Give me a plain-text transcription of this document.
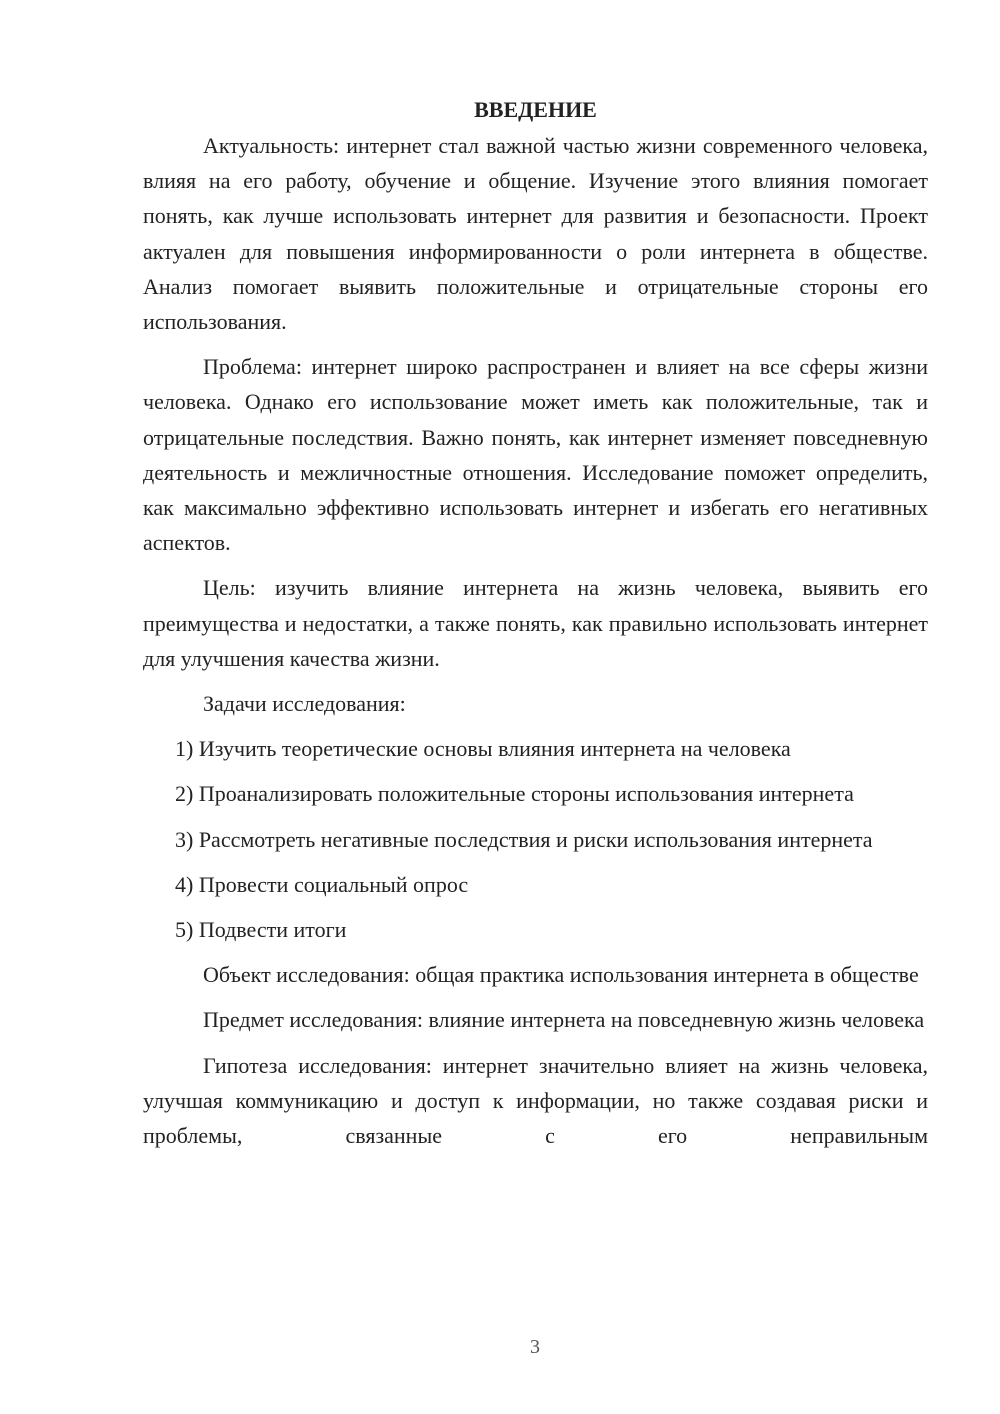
ВВЕДЕНИЕ

Актуальность: интернет стал важной частью жизни современного человека, влияя на его работу, обучение и общение. Изучение этого влияния помогает понять, как лучше использовать интернет для развития и безопасности. Проект актуален для повышения информированности о роли интернета в обществе. Анализ помогает выявить положительные и отрицательные стороны его использования.

Проблема: интернет широко распространен и влияет на все сферы жизни человека. Однако его использование может иметь как положительные, так и отрицательные последствия. Важно понять, как интернет изменяет повседневную деятельность и межличностные отношения. Исследование поможет определить, как максимально эффективно использовать интернет и избегать его негативных аспектов.

Цель: изучить влияние интернета на жизнь человека, выявить его преимущества и недостатки, а также понять, как правильно использовать интернет для улучшения качества жизни.

Задачи исследования:

1) Изучить теоретические основы влияния интернета на человека

2) Проанализировать положительные стороны использования интернета

3) Рассмотреть негативные последствия и риски использования интернета

4) Провести социальный опрос

5) Подвести итоги

Объект исследования: общая практика использования интернета в обществе

Предмет исследования: влияние интернета на повседневную жизнь человека

Гипотеза исследования: интернет значительно влияет на жизнь человека, улучшая коммуникацию и доступ к информации, но также создавая риски и проблемы, связанные с его неправильным

3
